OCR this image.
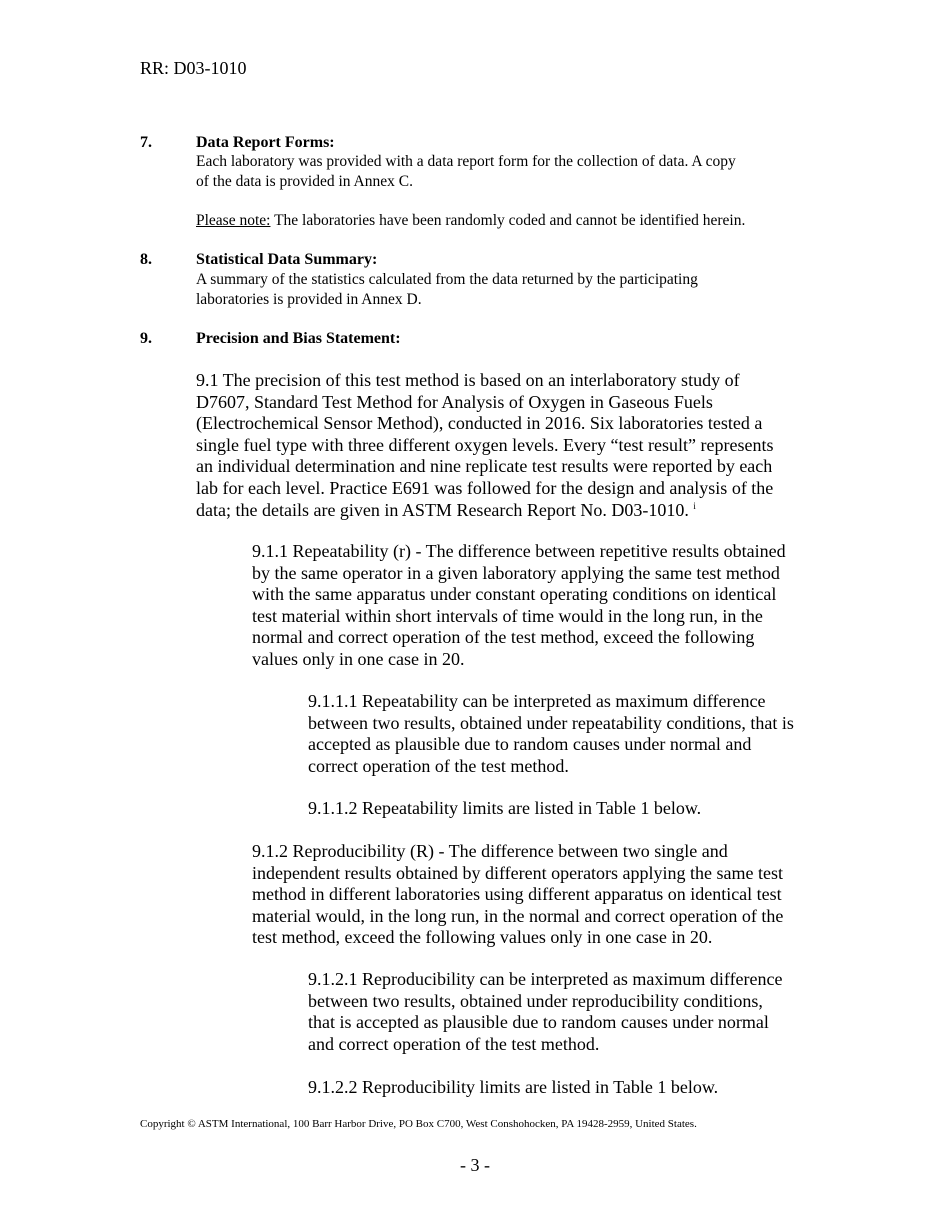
RR: D03-1010
7.	Data Report Forms:
Each laboratory was provided with a data report form for the collection of data. A copy
of the data is provided in Annex C.
Please note: The laboratories have been randomly coded and cannot be identified herein.
8.	Statistical Data Summary:
A summary of the statistics calculated from the data returned by the participating
laboratories is provided in Annex D.
9.	Precision and Bias Statement:
9.1 The precision of this test method is based on an interlaboratory study of
D7607, Standard Test Method for Analysis of Oxygen in Gaseous Fuels
(Electrochemical Sensor Method), conducted in 2016. Six laboratories tested a
single fuel type with three different oxygen levels. Every “test result” represents
an individual determination and nine replicate test results were reported by each
lab for each level. Practice E691 was followed for the design and analysis of the
data; the details are given in ASTM Research Report No. D03-1010. $^i$
9.1.1 Repeatability (r) - The difference between repetitive results obtained
by the same operator in a given laboratory applying the same test method
with the same apparatus under constant operating conditions on identical
test material within short intervals of time would in the long run, in the
normal and correct operation of the test method, exceed the following
values only in one case in 20.
9.1.1.1 Repeatability can be interpreted as maximum difference
between two results, obtained under repeatability conditions, that is
accepted as plausible due to random causes under normal and
correct operation of the test method.
9.1.1.2 Repeatability limits are listed in Table 1 below.
9.1.2 Reproducibility (R) - The difference between two single and
independent results obtained by different operators applying the same test
method in different laboratories using different apparatus on identical test
material would, in the long run, in the normal and correct operation of the
test method, exceed the following values only in one case in 20.
9.1.2.1 Reproducibility can be interpreted as maximum difference
between two results, obtained under reproducibility conditions,
that is accepted as plausible due to random causes under normal
and correct operation of the test method.
9.1.2.2 Reproducibility limits are listed in Table 1 below.
Copyright © ASTM International, 100 Barr Harbor Drive, PO Box C700, West Conshohocken, PA 19428-2959, United States.
- 3 -
